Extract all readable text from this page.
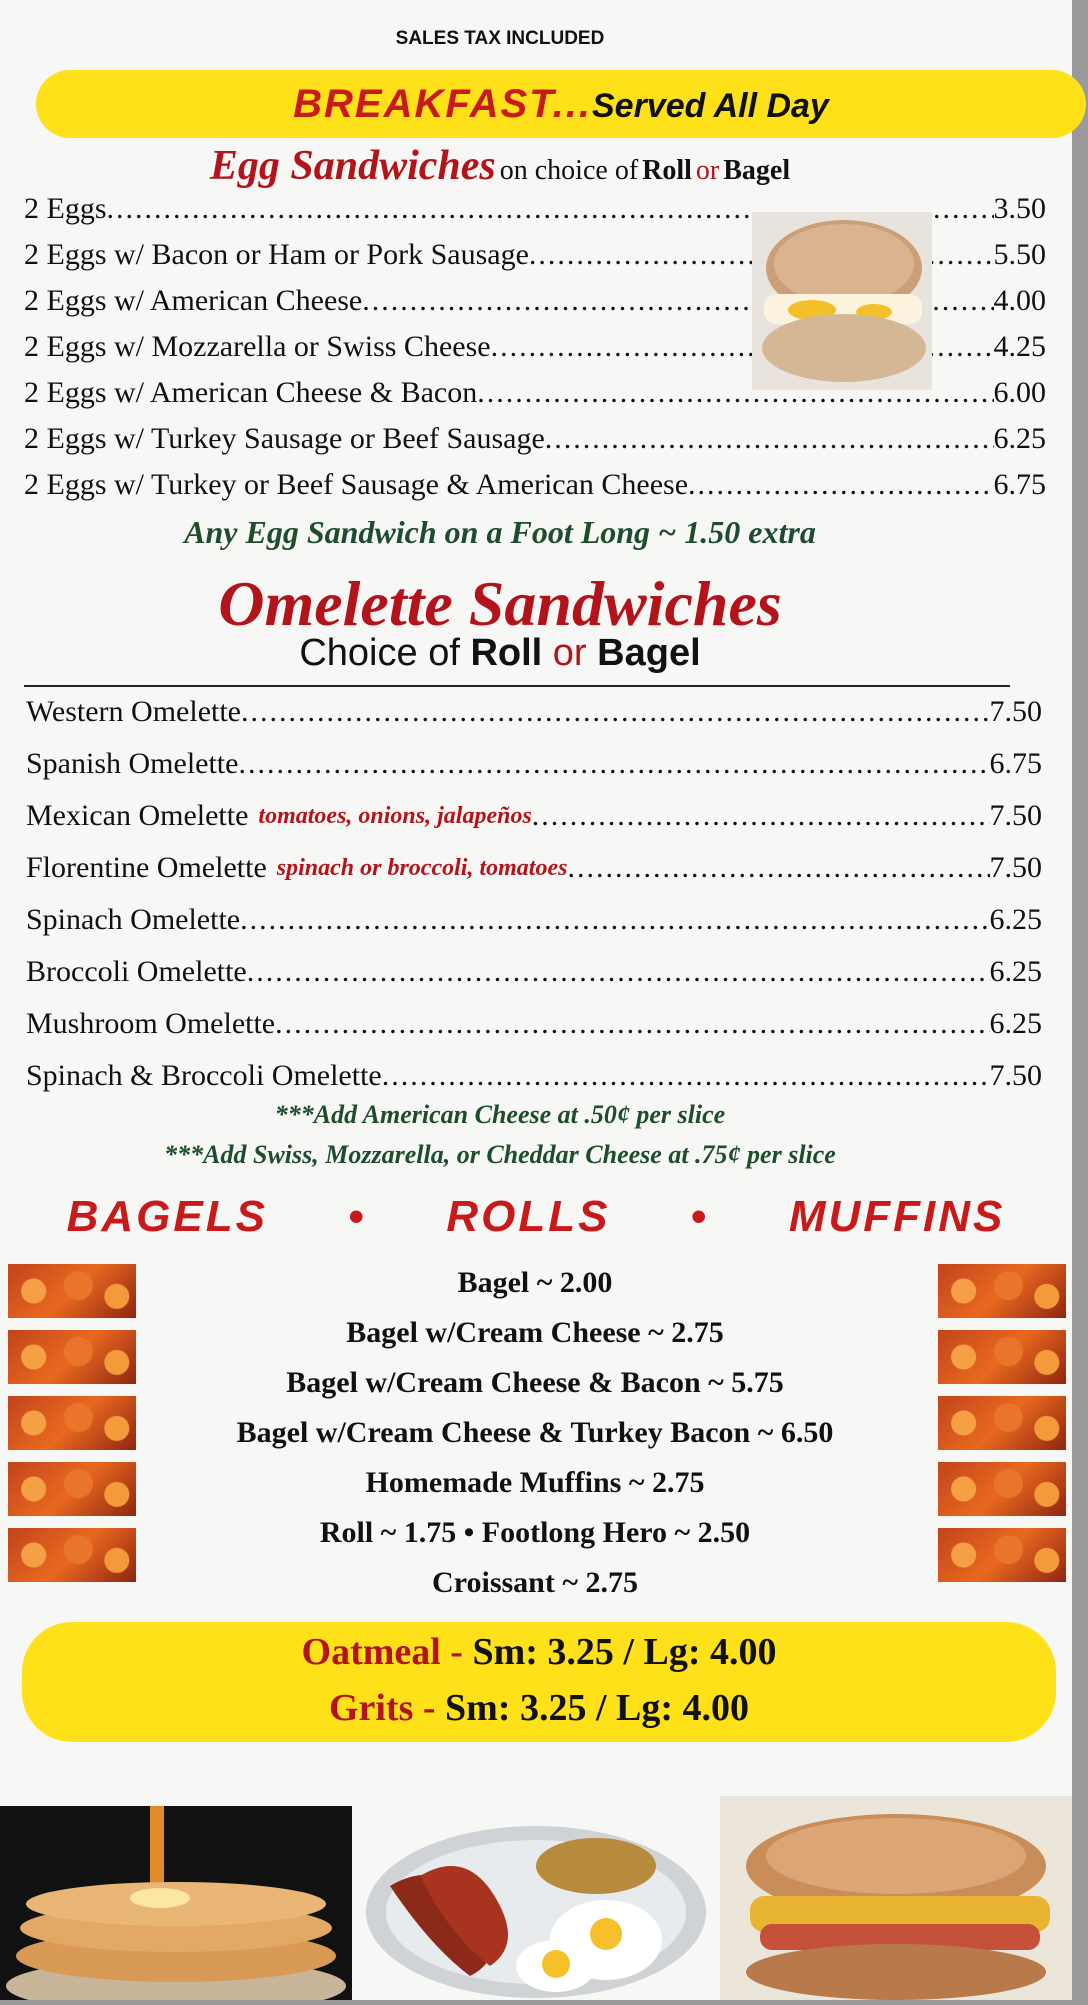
SALES TAX INCLUDED
BREAKFAST...Served All Day
Egg Sandwiches on choice of Roll or Bagel
2 Eggs .....	3.50
2 Eggs w/ Bacon or Ham or Pork Sausage .....	5.50
2 Eggs w/ American Cheese .....	4.00
2 Eggs w/ Mozzarella or Swiss Cheese .....	4.25
2 Eggs w/ American Cheese & Bacon .....	6.00
2 Eggs w/ Turkey Sausage or Beef Sausage .....	6.25
2 Eggs w/ Turkey or Beef Sausage & American Cheese .....	6.75
Any Egg Sandwich on a Foot Long ~ 1.50 extra
Omelette Sandwiches
Choice of Roll or Bagel
Western Omelette .....	7.50
Spanish Omelette .....	6.75
Mexican Omelette tomatoes, onions, jalapeños .....	7.50
Florentine Omelette spinach or broccoli, tomatoes .....	7.50
Spinach Omelette .....	6.25
Broccoli Omelette .....	6.25
Mushroom Omelette .....	6.25
Spinach & Broccoli Omelette .....	7.50
***Add American Cheese at .50¢ per slice
***Add Swiss, Mozzarella, or Cheddar Cheese at .75¢ per slice
BAGELS • ROLLS • MUFFINS
Bagel ~ 2.00
Bagel w/Cream Cheese ~ 2.75
Bagel w/Cream Cheese & Bacon ~ 5.75
Bagel w/Cream Cheese & Turkey Bacon ~ 6.50
Homemade Muffins ~ 2.75
Roll ~ 1.75 • Footlong Hero ~ 2.50
Croissant ~ 2.75
Oatmeal - Sm: 3.25 / Lg: 4.00
Grits - Sm: 3.25 / Lg: 4.00
